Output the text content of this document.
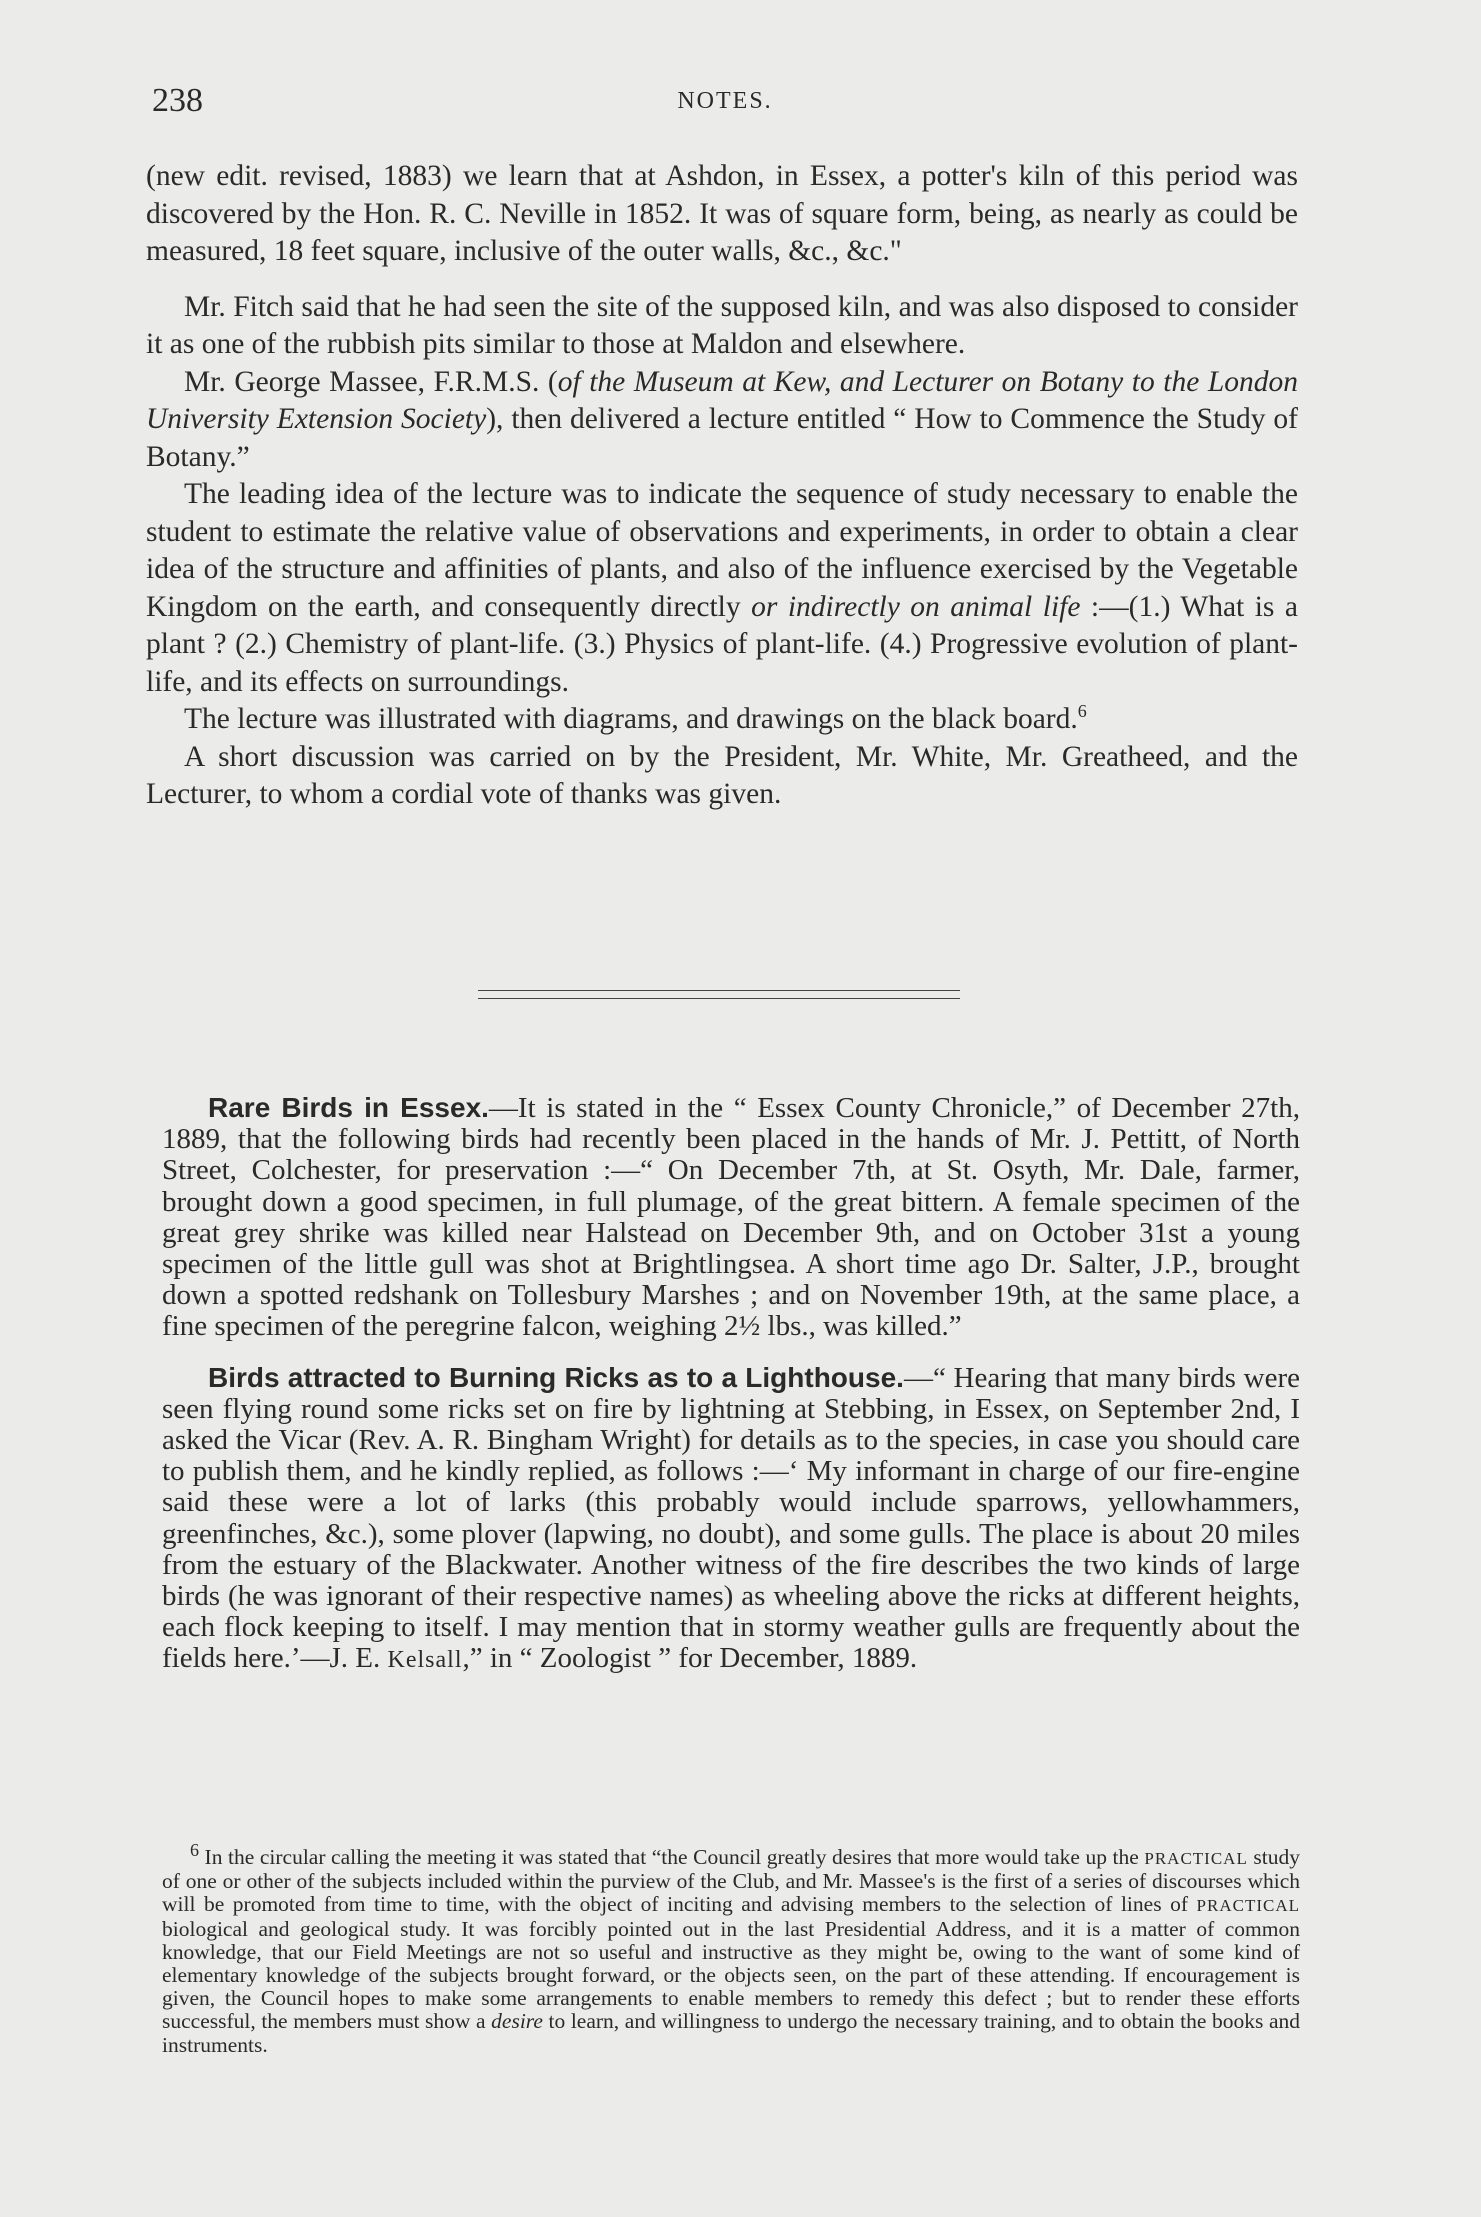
238	NOTES.

(new edit. revised, 1883) we learn that at Ashdon, in Essex, a potter's kiln of this period was discovered by the Hon. R. C. Neville in 1852. It was of square form, being, as nearly as could be measured, 18 feet square, inclusive of the outer walls, &c., &c."

Mr. Fitch said that he had seen the site of the supposed kiln, and was also disposed to consider it as one of the rubbish pits similar to those at Maldon and elsewhere.

Mr. George Massee, F.R.M.S. (of the Museum at Kew, and Lecturer on Botany to the London University Extension Society), then delivered a lecture entitled “ How to Commence the Study of Botany.”

The leading idea of the lecture was to indicate the sequence of study necessary to enable the student to estimate the relative value of observations and experiments, in order to obtain a clear idea of the structure and affinities of plants, and also of the influence exercised by the Vegetable Kingdom on the earth, and consequently directly or indirectly on animal life :—(1.) What is a plant ? (2.) Chemistry of plant-life. (3.) Physics of plant-life. (4.) Progressive evolution of plant-life, and its effects on surroundings.

The lecture was illustrated with diagrams, and drawings on the black board.$^6$

A short discussion was carried on by the President, Mr. White, Mr. Greatheed, and the Lecturer, to whom a cordial vote of thanks was given.

Rare Birds in Essex.—It is stated in the “ Essex County Chronicle,” of December 27th, 1889, that the following birds had recently been placed in the hands of Mr. J. Pettitt, of North Street, Colchester, for preservation :—“ On December 7th, at St. Osyth, Mr. Dale, farmer, brought down a good specimen, in full plumage, of the great bittern. A female specimen of the great grey shrike was killed near Halstead on December 9th, and on October 31st a young specimen of the little gull was shot at Brightlingsea. A short time ago Dr. Salter, J.P., brought down a spotted redshank on Tollesbury Marshes ; and on November 19th, at the same place, a fine specimen of the peregrine falcon, weighing 2½ lbs., was killed.”

Birds attracted to Burning Ricks as to a Lighthouse.—“ Hearing that many birds were seen flying round some ricks set on fire by lightning at Stebbing, in Essex, on September 2nd, I asked the Vicar (Rev. A. R. Bingham Wright) for details as to the species, in case you should care to publish them, and he kindly replied, as follows :—‘ My informant in charge of our fire-engine said these were a lot of larks (this probably would include sparrows, yellowhammers, greenfinches, &c.), some plover (lapwing, no doubt), and some gulls. The place is about 20 miles from the estuary of the Blackwater. Another witness of the fire describes the two kinds of large birds (he was ignorant of their respective names) as wheeling above the ricks at different heights, each flock keeping to itself. I may mention that in stormy weather gulls are frequently about the fields here.’—J. E. Kelsall,” in “ Zoologist ” for December, 1889.

$^6$ In the circular calling the meeting it was stated that “the Council greatly desires that more would take up the PRACTICAL study of one or other of the subjects included within the purview of the Club, and Mr. Massee's is the first of a series of discourses which will be promoted from time to time, with the object of inciting and advising members to the selection of lines of PRACTICAL biological and geological study. It was forcibly pointed out in the last Presidential Address, and it is a matter of common knowledge, that our Field Meetings are not so useful and instructive as they might be, owing to the want of some kind of elementary knowledge of the subjects brought forward, or the objects seen, on the part of these attending. If encouragement is given, the Council hopes to make some arrangements to enable members to remedy this defect ; but to render these efforts successful, the members must show a desire to learn, and willingness to undergo the necessary training, and to obtain the books and instruments.
